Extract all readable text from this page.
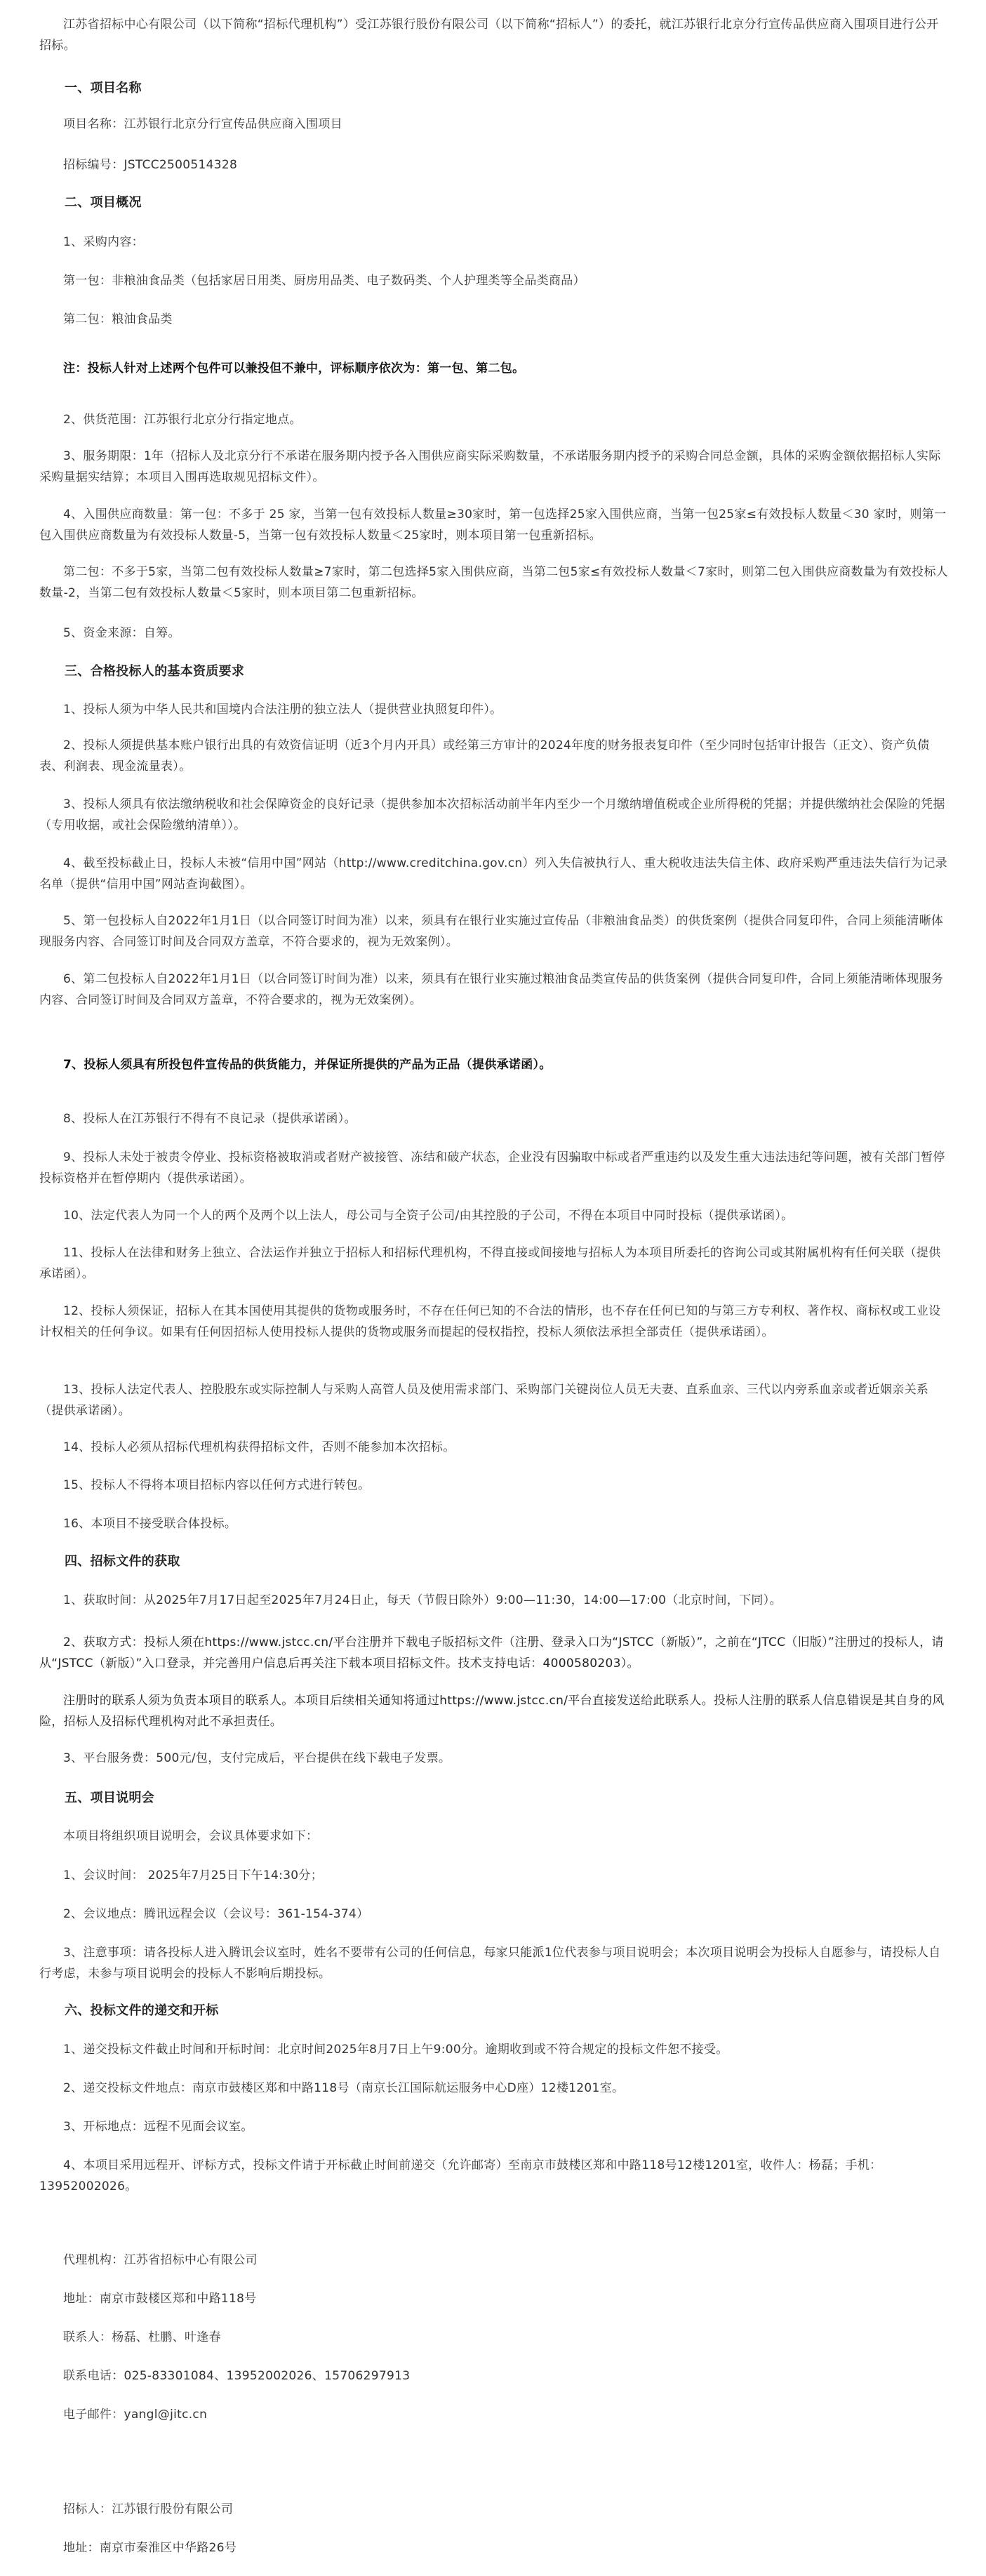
江苏省招标中心有限公司（以下简称“招标代理机构”）受江苏银行股份有限公司（以下简称“招标人”）的委托，就江苏银行北京分行宣传品供应商入围项目进行公开招标。

一、项目名称

项目名称：江苏银行北京分行宣传品供应商入围项目

招标编号：JSTCC2500514328

二、项目概况

1、采购内容：

第一包：非粮油食品类（包括家居日用类、厨房用品类、电子数码类、个人护理类等全品类商品）

第二包：粮油食品类

注：投标人针对上述两个包件可以兼投但不兼中，评标顺序依次为：第一包、第二包。

2、供货范围：江苏银行北京分行指定地点。

3、服务期限：1年（招标人及北京分行不承诺在服务期内授予各入围供应商实际采购数量，不承诺服务期内授予的采购合同总金额，具体的采购金额依据招标人实际采购量据实结算；本项目入围再选取规见招标文件）。

4、入围供应商数量：第一包：不多于 25 家，当第一包有效投标人数量≥30家时，第一包选择25家入围供应商，当第一包25家≤有效投标人数量＜30 家时，则第一包入围供应商数量为有效投标人数量-5，当第一包有效投标人数量＜25家时，则本项目第一包重新招标。

第二包：不多于5家，当第二包有效投标人数量≥7家时，第二包选择5家入围供应商，当第二包5家≤有效投标人数量＜7家时，则第二包入围供应商数量为有效投标人数量-2，当第二包有效投标人数量＜5家时，则本项目第二包重新招标。

5、资金来源：自筹。

三、合格投标人的基本资质要求

1、投标人须为中华人民共和国境内合法注册的独立法人（提供营业执照复印件）。

2、投标人须提供基本账户银行出具的有效资信证明（近3个月内开具）或经第三方审计的2024年度的财务报表复印件（至少同时包括审计报告（正文）、资产负债表、利润表、现金流量表）。

3、投标人须具有依法缴纳税收和社会保障资金的良好记录（提供参加本次招标活动前半年内至少一个月缴纳增值税或企业所得税的凭据；并提供缴纳社会保险的凭据（专用收据，或社会保险缴纳清单））。

4、截至投标截止日，投标人未被“信用中国”网站（http://www.creditchina.gov.cn）列入失信被执行人、重大税收违法失信主体、政府采购严重违法失信行为记录名单（提供“信用中国”网站查询截图）。

5、第一包投标人自2022年1月1日（以合同签订时间为准）以来，须具有在银行业实施过宣传品（非粮油食品类）的供货案例（提供合同复印件，合同上须能清晰体现服务内容、合同签订时间及合同双方盖章，不符合要求的，视为无效案例）。

6、第二包投标人自2022年1月1日（以合同签订时间为准）以来，须具有在银行业实施过粮油食品类宣传品的供货案例（提供合同复印件，合同上须能清晰体现服务内容、合同签订时间及合同双方盖章，不符合要求的，视为无效案例）。

7、投标人须具有所投包件宣传品的供货能力，并保证所提供的产品为正品（提供承诺函）。

8、投标人在江苏银行不得有不良记录（提供承诺函）。

9、投标人未处于被责令停业、投标资格被取消或者财产被接管、冻结和破产状态，企业没有因骗取中标或者严重违约以及发生重大违法违纪等问题，被有关部门暂停投标资格并在暂停期内（提供承诺函）。

10、法定代表人为同一个人的两个及两个以上法人，母公司与全资子公司/由其控股的子公司，不得在本项目中同时投标（提供承诺函）。

11、投标人在法律和财务上独立、合法运作并独立于招标人和招标代理机构，不得直接或间接地与招标人为本项目所委托的咨询公司或其附属机构有任何关联（提供承诺函）。

12、投标人须保证，招标人在其本国使用其提供的货物或服务时，不存在任何已知的不合法的情形，也不存在任何已知的与第三方专利权、著作权、商标权或工业设计权相关的任何争议。如果有任何因招标人使用投标人提供的货物或服务而提起的侵权指控，投标人须依法承担全部责任（提供承诺函）。

13、投标人法定代表人、控股股东或实际控制人与采购人高管人员及使用需求部门、采购部门关键岗位人员无夫妻、直系血亲、三代以内旁系血亲或者近姻亲关系（提供承诺函）。

14、投标人必须从招标代理机构获得招标文件，否则不能参加本次招标。

15、投标人不得将本项目招标内容以任何方式进行转包。

16、本项目不接受联合体投标。

四、招标文件的获取

1、获取时间：从2025年7月17日起至2025年7月24日止，每天（节假日除外）9:00—11:30，14:00—17:00（北京时间，下同）。

2、获取方式：投标人须在https://www.jstcc.cn/平台注册并下载电子版招标文件（注册、登录入口为“JSTCC（新版）”，之前在“JTCC（旧版）”注册过的投标人，请从“JSTCC（新版）”入口登录，并完善用户信息后再关注下载本项目招标文件。技术支持电话：4000580203）。

注册时的联系人须为负责本项目的联系人。本项目后续相关通知将通过https://www.jstcc.cn/平台直接发送给此联系人。投标人注册的联系人信息错误是其自身的风险，招标人及招标代理机构对此不承担责任。

3、平台服务费：500元/包，支付完成后，平台提供在线下载电子发票。

五、项目说明会

本项目将组织项目说明会，会议具体要求如下：

1、会议时间： 2025年7月25日下午14:30分；

2、会议地点：腾讯远程会议（会议号：361-154-374）

3、注意事项：请各投标人进入腾讯会议室时，姓名不要带有公司的任何信息，每家只能派1位代表参与项目说明会；本次项目说明会为投标人自愿参与，请投标人自行考虑，未参与项目说明会的投标人不影响后期投标。

六、投标文件的递交和开标

1、递交投标文件截止时间和开标时间：北京时间2025年8月7日上午9:00分。逾期收到或不符合规定的投标文件恕不接受。

2、递交投标文件地点：南京市鼓楼区郑和中路118号（南京长江国际航运服务中心D座）12楼1201室。

3、开标地点：远程不见面会议室。

4、本项目采用远程开、评标方式，投标文件请于开标截止时间前递交（允许邮寄）至南京市鼓楼区郑和中路118号12楼1201室，收件人：杨磊；手机：13952002026。

代理机构：江苏省招标中心有限公司

地址：南京市鼓楼区郑和中路118号

联系人：杨磊、杜鹏、叶逢春

联系电话：025-83301084、13952002026、15706297913

电子邮件：yangl@jitc.cn

招标人：江苏银行股份有限公司

地址：南京市秦淮区中华路26号
